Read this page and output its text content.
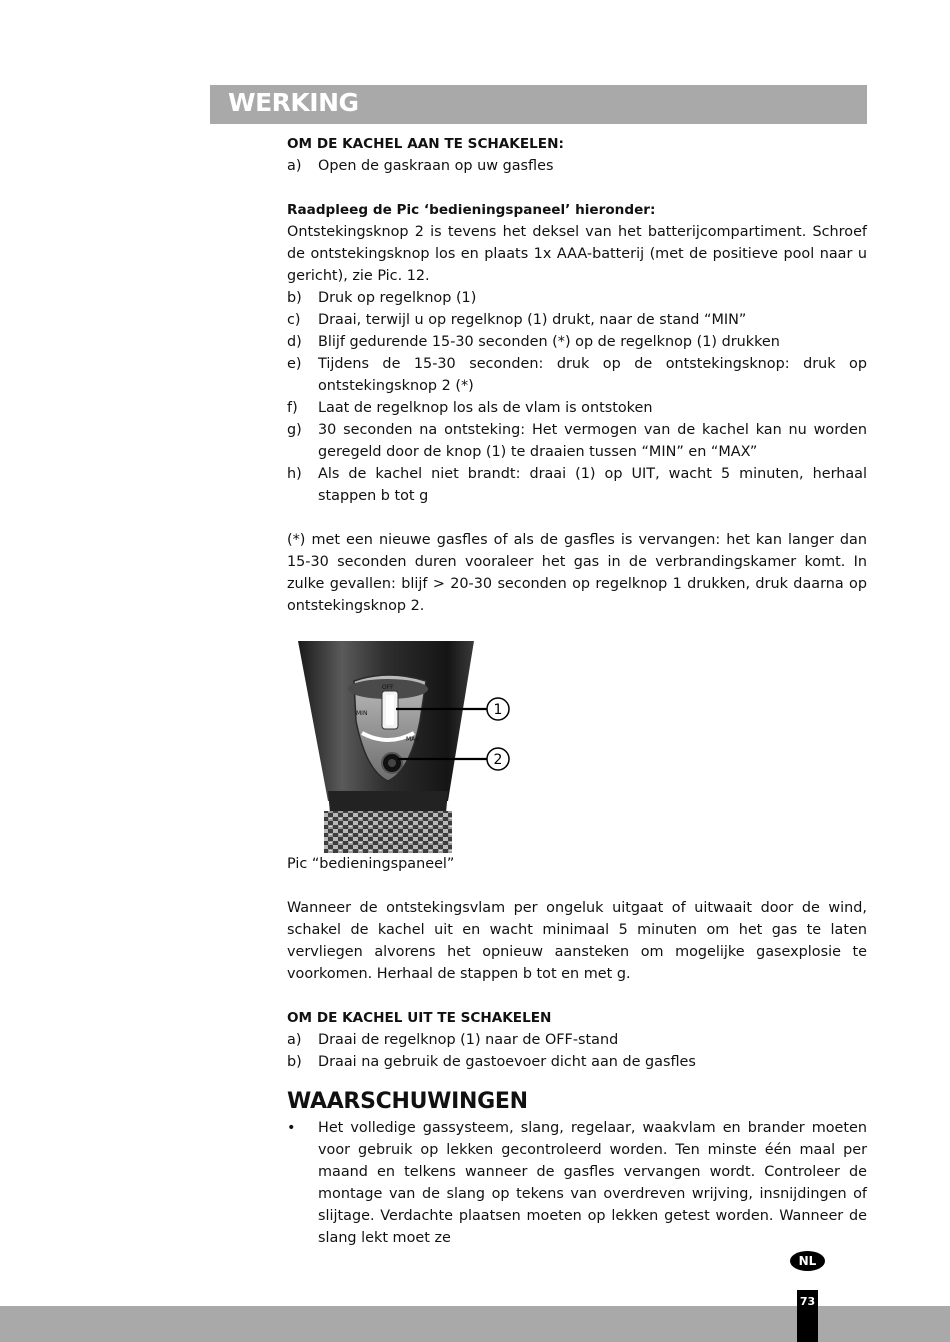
WERKING

OM DE KACHEL AAN TE SCHAKELEN:

a)	Open de gaskraan op uw gasfles

Raadpleeg de Pic ‘bedieningspaneel’ hieronder:

Ontstekingsknop 2 is tevens het deksel van het batterijcompartiment. Schroef de ontstekingsknop los en plaats 1x AAA-batterij (met de positieve pool naar u gericht), zie Pic. 12.

b)	Druk op regelknop (1)
c)	Draai, terwijl u op regelknop (1) drukt, naar de stand “MIN”
d)	Blijf gedurende 15-30 seconden (*) op de regelknop (1) drukken
e)	Tijdens de 15-30 seconden: druk op de ontstekingsknop: druk op ontstekingsknop 2 (*)
f)	Laat de regelknop los als de vlam is ontstoken
g)	30 seconden na ontsteking: Het vermogen van de kachel kan nu worden geregeld door de knop (1) te draaien tussen “MIN” en “MAX”
h)	Als de kachel niet brandt: draai (1) op UIT, wacht 5 minuten, herhaal stappen b tot g

(*) met een nieuwe gasfles of als de gasfles is vervangen: het kan langer dan 15-30 seconden duren vooraleer het gas in de verbrandingskamer komt. In zulke gevallen: blijf > 20-30 seconden op regelknop 1 drukken, druk daarna op ontstekingsknop 2.

OFF
MAX
MIN	1
2

Pic “bedieningspaneel”

Wanneer de ontstekingsvlam per ongeluk uitgaat of uitwaait door de wind, schakel de kachel uit en wacht minimaal 5 minuten om het gas te laten vervliegen alvorens het opnieuw aansteken om mogelijke gasexplosie te voorkomen. Herhaal de stappen b tot en met g.

OM DE KACHEL UIT TE SCHAKELEN

a)	Draai de regelknop (1) naar de OFF-stand
b)	Draai na gebruik de gastoevoer dicht aan de gasfles
WAARSCHUWINGEN
•	Het volledige gassysteem, slang, regelaar, waakvlam en brander moeten voor gebruik op lekken gecontroleerd worden. Ten minste één maal per maand en telkens wanneer de gasfles vervangen wordt. Controleer de montage van de slang op tekens van overdreven wrijving, insnijdingen of slijtage. Verdachte plaatsen moeten op lekken getest worden. Wanneer de slang lekt moet ze
NL
73
